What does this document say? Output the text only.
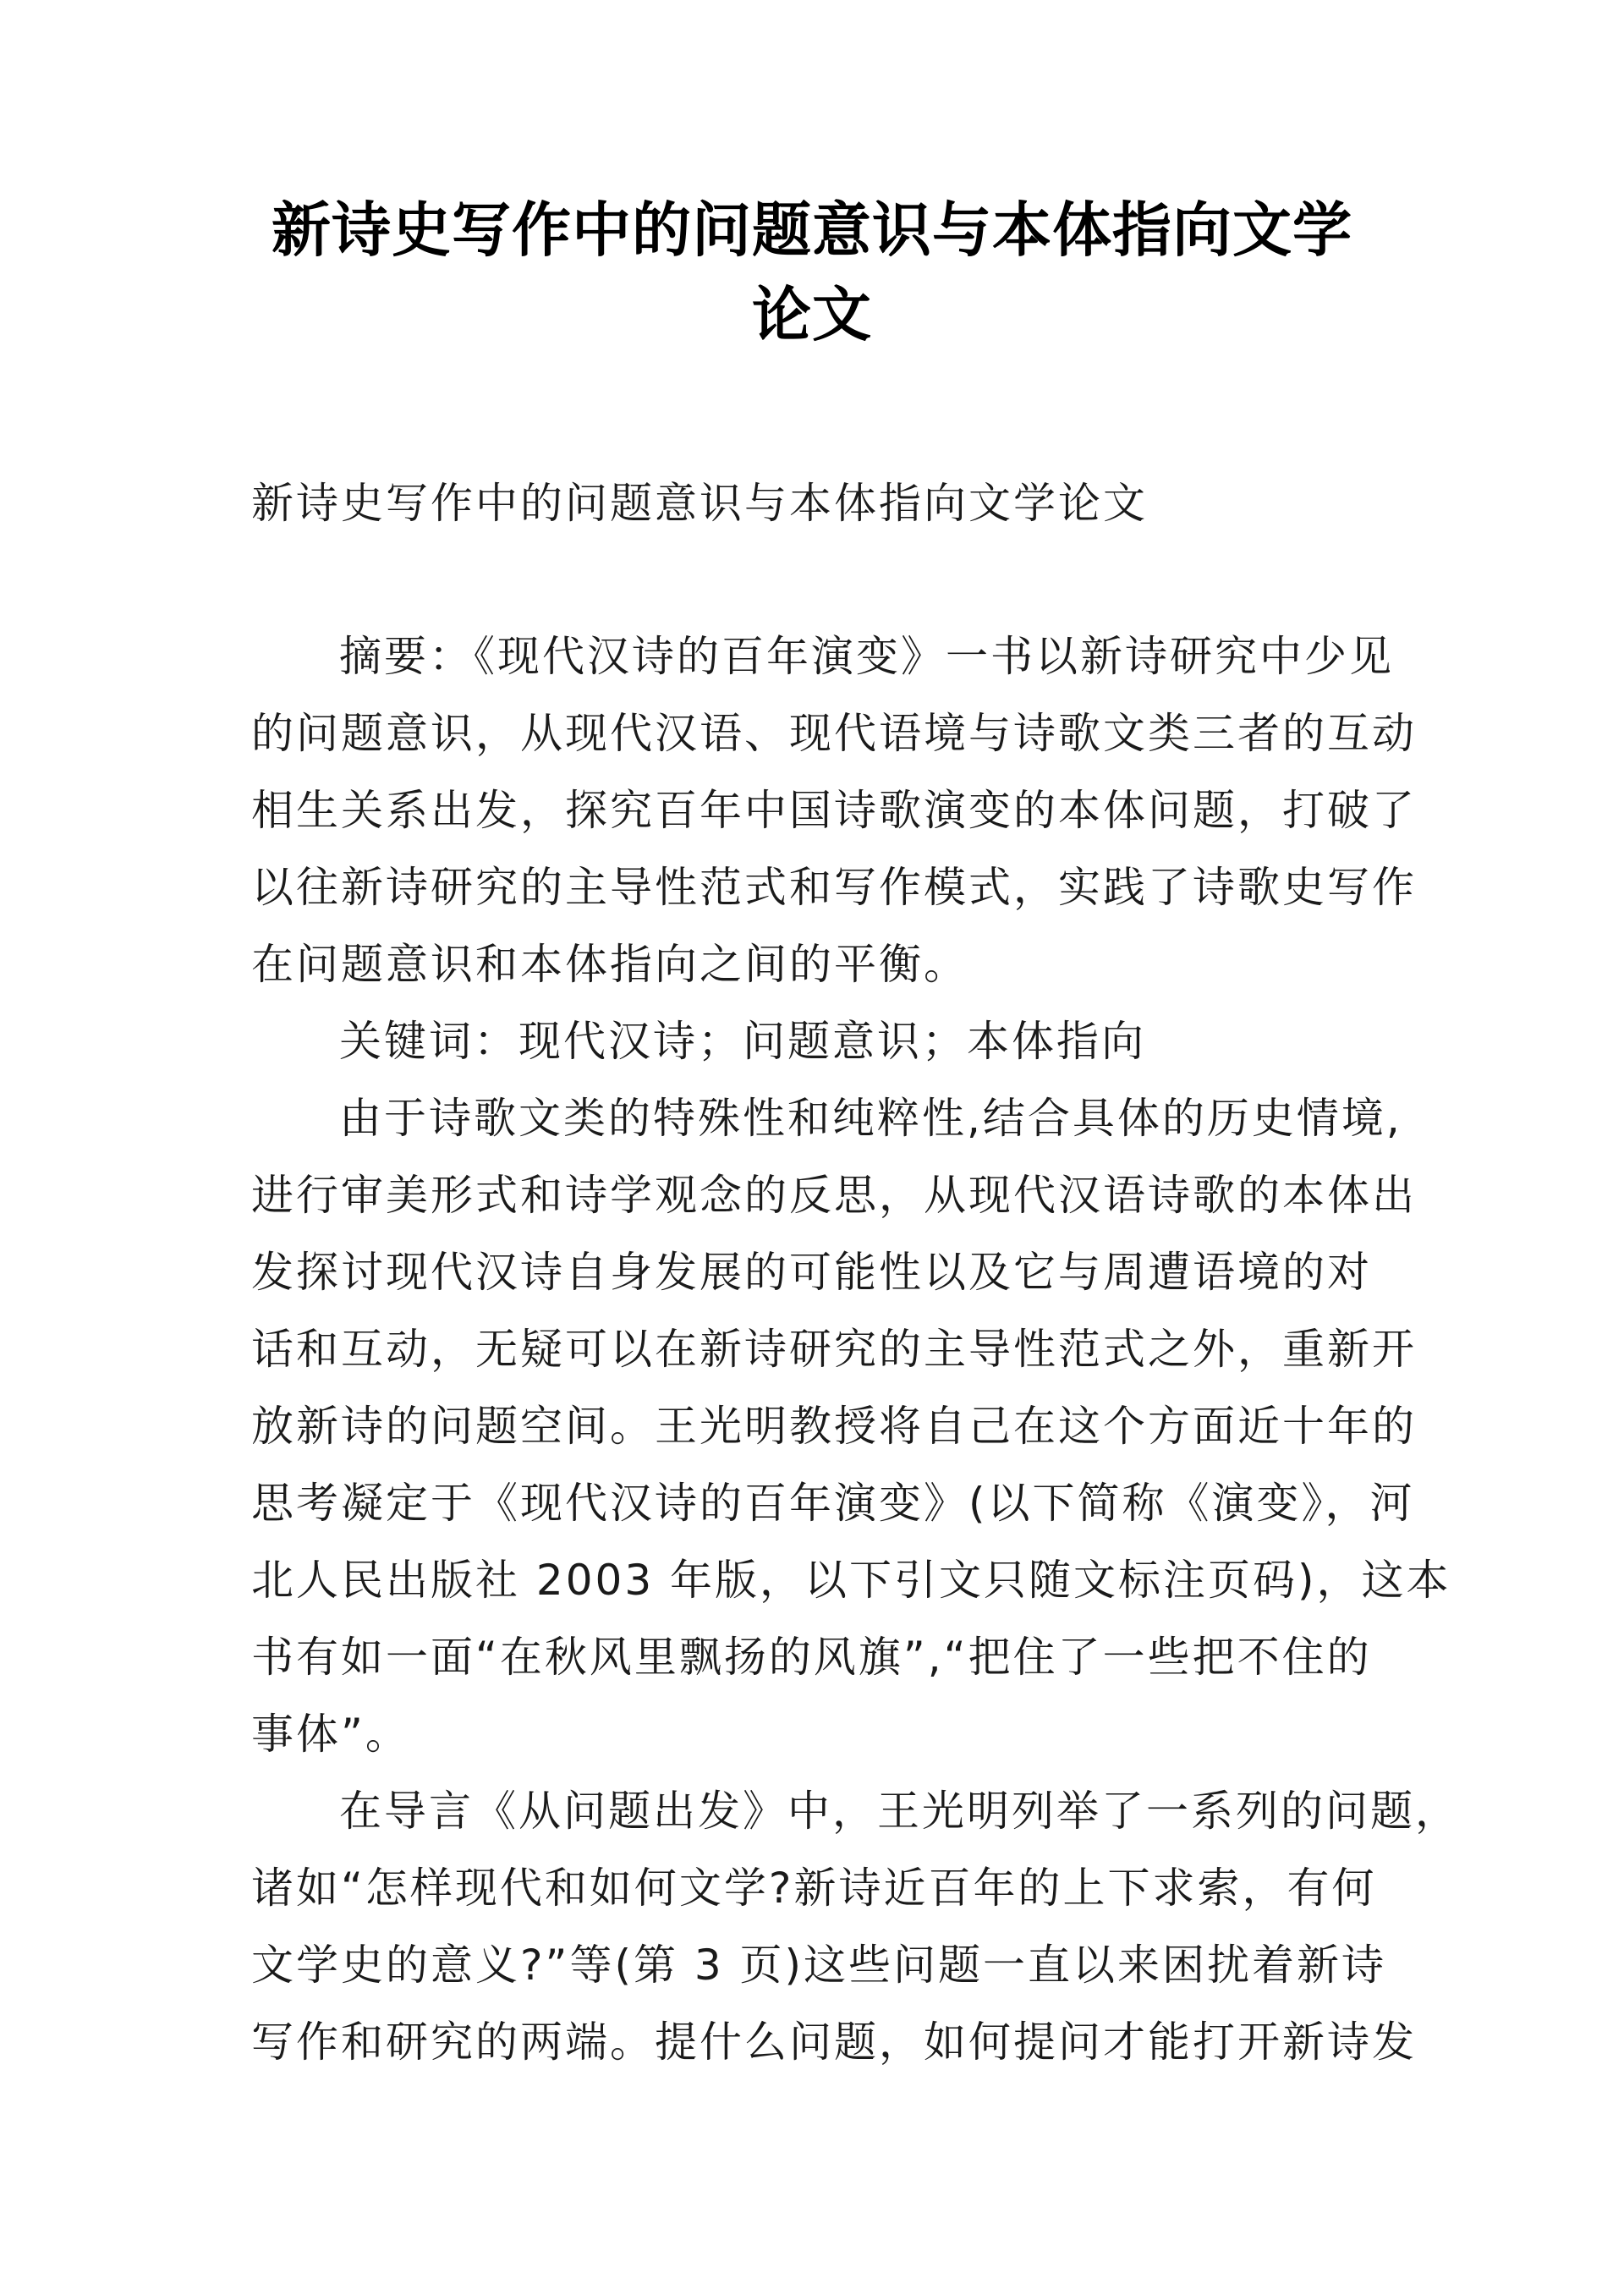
新诗史写作中的问题意识与本体指向文学
论文

新诗史写作中的问题意识与本体指向文学论文

摘要：《现代汉诗的百年演变》一书以新诗研究中少见
的问题意识，从现代汉语、现代语境与诗歌文类三者的互动
相生关系出发，探究百年中国诗歌演变的本体问题，打破了
以往新诗研究的主导性范式和写作模式，实践了诗歌史写作
在问题意识和本体指向之间的平衡。
关键词：现代汉诗；问题意识；本体指向
由于诗歌文类的特殊性和纯粹性,结合具体的历史情境,
进行审美形式和诗学观念的反思，从现代汉语诗歌的本体出
发探讨现代汉诗自身发展的可能性以及它与周遭语境的对
话和互动，无疑可以在新诗研究的主导性范式之外，重新开
放新诗的问题空间。王光明教授将自己在这个方面近十年的
思考凝定于《现代汉诗的百年演变》(以下简称《演变》，河
北人民出版社 2003 年版，以下引文只随文标注页码)，这本
书有如一面“在秋风里飘扬的风旗”,“把住了一些把不住的
事体”。
在导言《从问题出发》中，王光明列举了一系列的问题，
诸如“怎样现代和如何文学?新诗近百年的上下求索，有何
文学史的意义?”等(第 3 页)这些问题一直以来困扰着新诗
写作和研究的两端。提什么问题，如何提问才能打开新诗发
